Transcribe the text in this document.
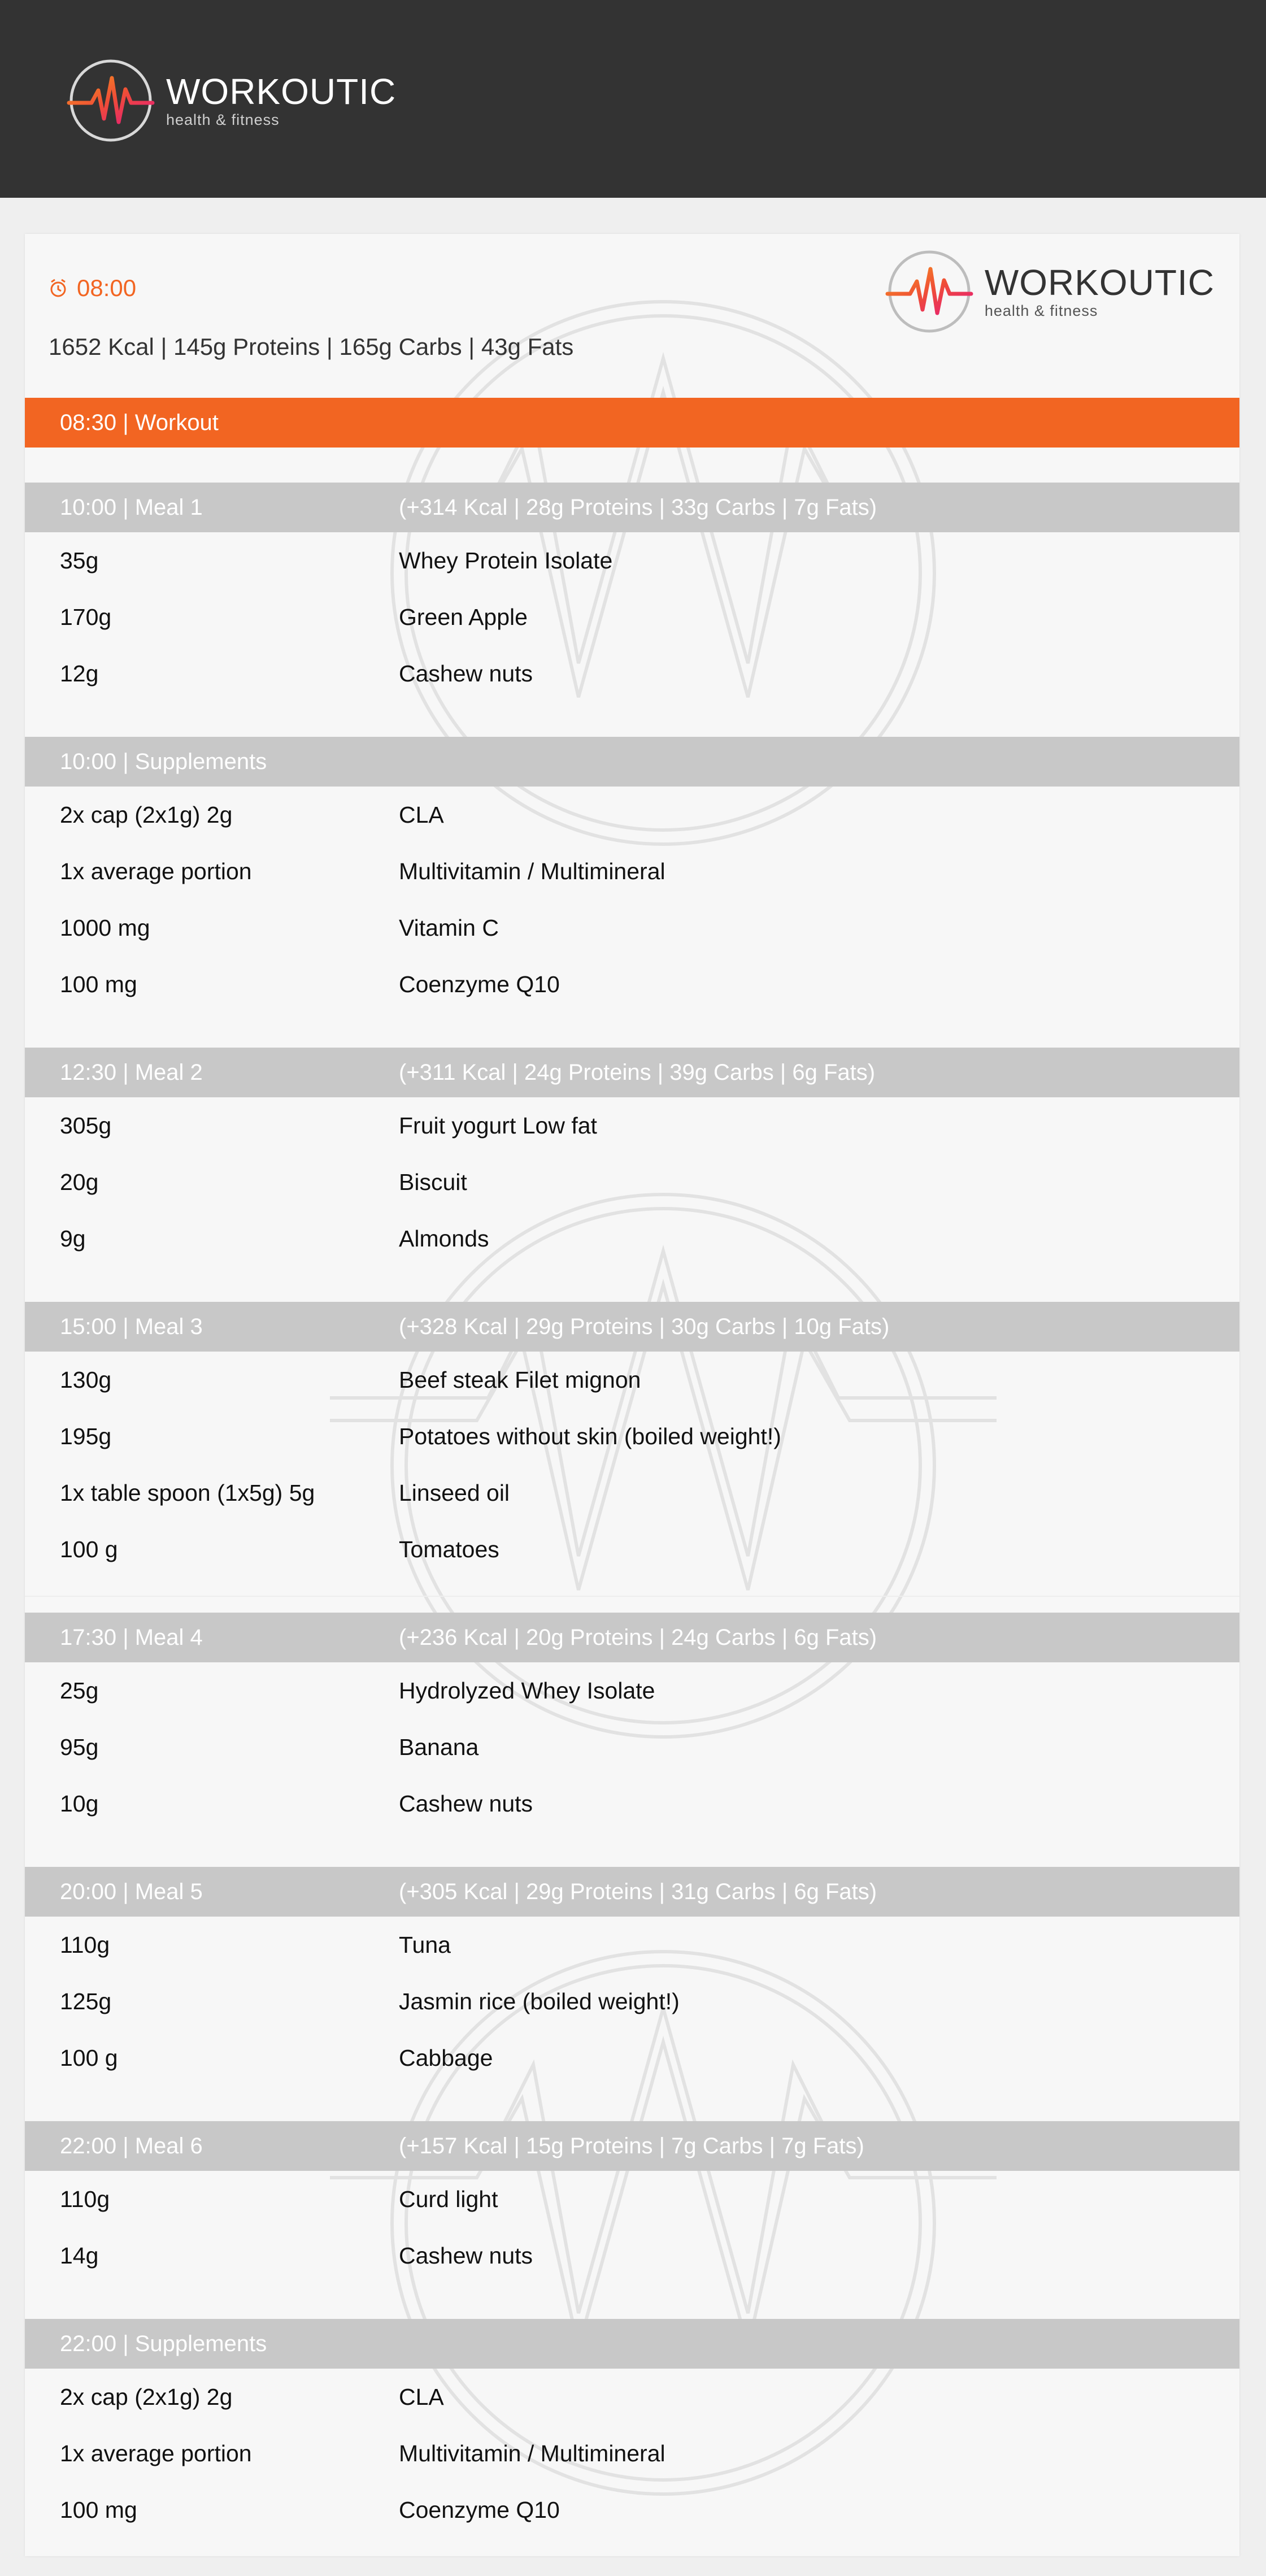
WORKOUTIC
health & fitness
WORKOUTIC
health & fitness
08:00
1652 Kcal | 145g Proteins | 165g Carbs | 43g Fats
08:30 | Workout
10:00 | Meal 1	(+314 Kcal | 28g Proteins | 33g Carbs | 7g Fats)
35g	Whey Protein Isolate
170g	Green Apple
12g	Cashew nuts
10:00 | Supplements
2x cap (2x1g) 2g	CLA
1x average portion	Multivitamin / Multimineral
1000 mg	Vitamin C
100 mg	Coenzyme Q10
12:30 | Meal 2	(+311 Kcal | 24g Proteins | 39g Carbs | 6g Fats)
305g	Fruit yogurt Low fat
20g	Biscuit
9g	Almonds
15:00 | Meal 3	(+328 Kcal | 29g Proteins | 30g Carbs | 10g Fats)
130g	Beef steak Filet mignon
195g	Potatoes without skin (boiled weight!)
1x table spoon (1x5g) 5g	Linseed oil
100 g	Tomatoes
17:30 | Meal 4	(+236 Kcal | 20g Proteins | 24g Carbs | 6g Fats)
25g	Hydrolyzed Whey Isolate
95g	Banana
10g	Cashew nuts
20:00 | Meal 5	(+305 Kcal | 29g Proteins | 31g Carbs | 6g Fats)
110g	Tuna
125g	Jasmin rice (boiled weight!)
100 g	Cabbage
22:00 | Meal 6	(+157 Kcal | 15g Proteins | 7g Carbs | 7g Fats)
110g	Curd light
14g	Cashew nuts
22:00 | Supplements
2x cap (2x1g) 2g	CLA
1x average portion	Multivitamin / Multimineral
100 mg	Coenzyme Q10
